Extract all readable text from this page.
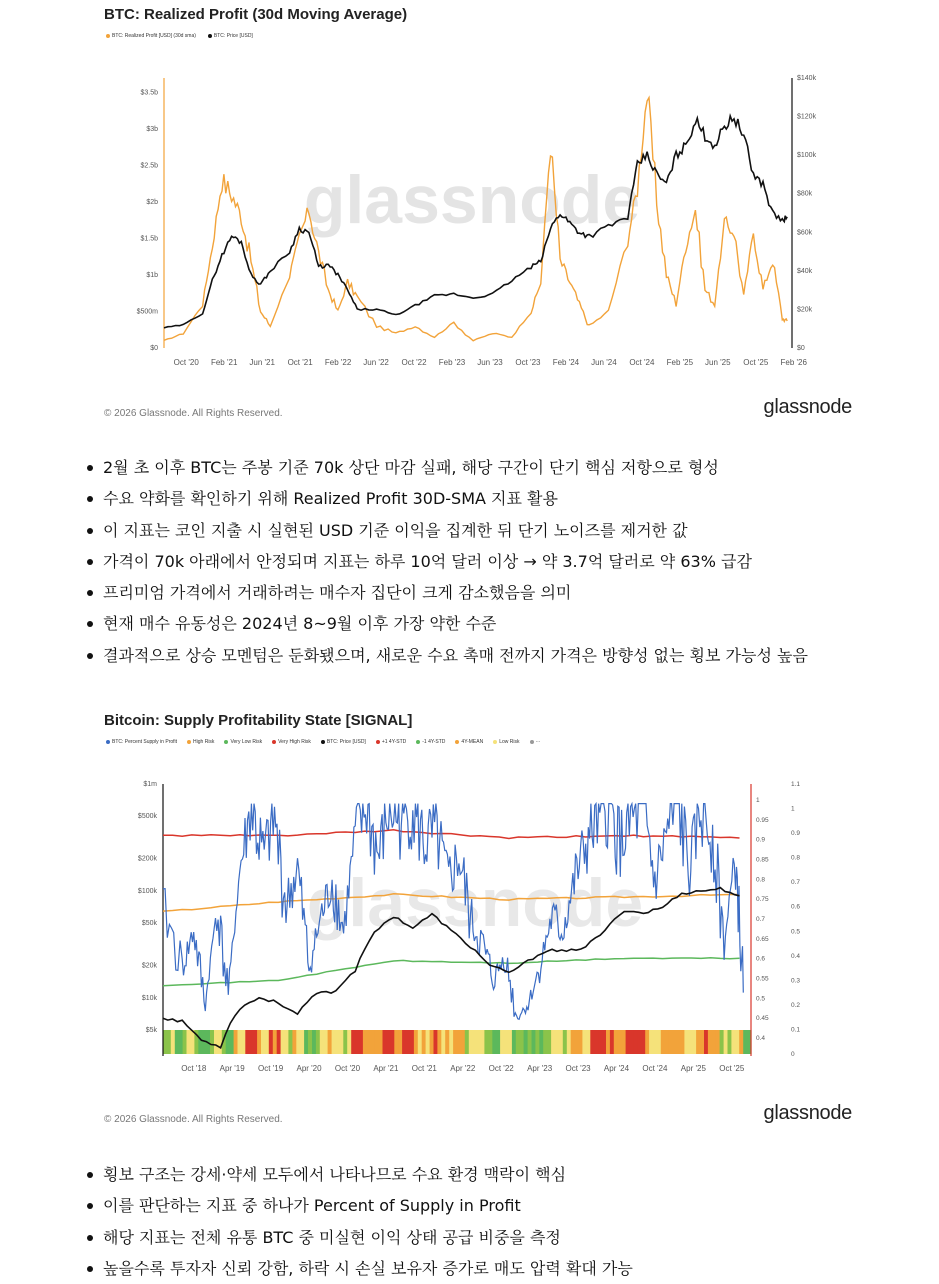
BTC: Realized Profit (30d Moving Average)
BTC: Realized Profit [USD] (30d sma)	BTC: Price [USD]
glassnode
$0
$500m
$1b
$1.5b
$2b
$2.5b
$3b
$3.5b
$0
$20k
$40k
$60k
$80k
$100k
$120k
$140k
Oct '20 Feb '21 Jun '21 Oct '21 Feb '22 Jun '22 Oct '22 Feb '23 Jun '23 Oct '23 Feb '24 Jun '24 Oct '24 Feb '25 Jun '25 Oct '25 Feb '26
© 2026 Glassnode. All Rights Reserved.	glassnode
2월 초 이후 BTC는 주봉 기준 70k 상단 마감 실패, 해당 구간이 단기 핵심 저항으로 형성
수요 약화를 확인하기 위해 Realized Profit 30D-SMA 지표 활용
이 지표는 코인 지출 시 실현된 USD 기준 이익을 집계한 뒤 단기 노이즈를 제거한 값
가격이 70k 아래에서 안정되며 지표는 하루 10억 달러 이상 → 약 3.7억 달러로 약 63% 급감
프리미엄 가격에서 거래하려는 매수자 집단이 크게 감소했음을 의미
현재 매수 유동성은 2024년 8~9월 이후 가장 약한 수준
결과적으로 상승 모멘텀은 둔화됐으며, 새로운 수요 촉매 전까지 가격은 방향성 없는 횡보 가능성 높음
Bitcoin: Supply Profitability State [SIGNAL]
BTC: Percent Supply in Profit	High Risk	Very Low Risk	Very High Risk	BTC: Price [USD]	+1 4Y-STD	-1 4Y-STD	4Y-MEAN	Low Risk	···
glassnode
$5k
$10k
$20k
$50k
$100k
$200k
$500k
$1m
0.4
0.45
0.5
0.55
0.6
0.65
0.7
0.75
0.8
0.85
0.9
0.95
1
0
0.1
0.2
0.3
0.4
0.5
0.6
0.7
0.8
0.9
1
1.1
Oct '18 Apr '19 Oct '19 Apr '20 Oct '20 Apr '21 Oct '21 Apr '22 Oct '22 Apr '23 Oct '23 Apr '24 Oct '24 Apr '25 Oct '25
© 2026 Glassnode. All Rights Reserved.	glassnode
횡보 구조는 강세·약세 모두에서 나타나므로 수요 환경 맥락이 핵심
이를 판단하는 지표 중 하나가 Percent of Supply in Profit
해당 지표는 전체 유통 BTC 중 미실현 이익 상태 공급 비중을 측정
높을수록 투자자 신뢰 강함, 하락 시 손실 보유자 증가로 매도 압력 확대 가능
